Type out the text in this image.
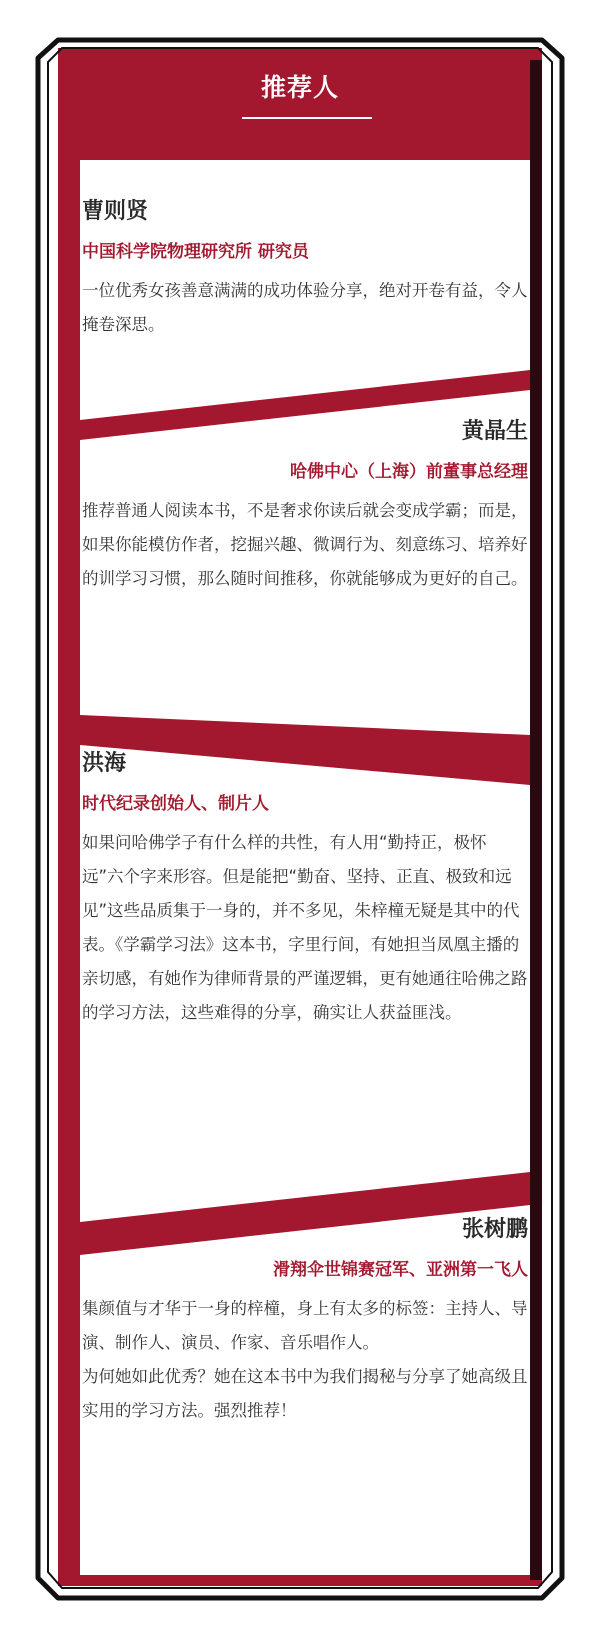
推荐人
曹则贤
中国科学院物理研究所 研究员

一位优秀女孩善意满满的成功体验分享，绝对开卷有益，令人掩卷深思。

黄晶生
哈佛中心（上海）前董事总经理

推荐普通人阅读本书，不是奢求你读后就会变成学霸；而是，如果你能模仿作者，挖掘兴趣、微调行为、刻意练习、培养好的训学习习惯，那么随时间推移，你就能够成为更好的自己。

洪海
时代纪录创始人、制片人

如果问哈佛学子有什么样的共性，有人用“勤持正，极怀远”六个字来形容。但是能把“勤奋、坚持、正直、极致和远见”这些品质集于一身的，并不多见，朱梓橦无疑是其中的代表。《学霸学习法》这本书，字里行间，有她担当凤凰主播的亲切感，有她作为律师背景的严谨逻辑，更有她通往哈佛之路的学习方法，这些难得的分享，确实让人获益匪浅。

张树鹏
滑翔伞世锦赛冠军、亚洲第一飞人

集颜值与才华于一身的梓橦，身上有太多的标签：主持人、导演、制作人、演员、作家、音乐唱作人。

为何她如此优秀？她在这本书中为我们揭秘与分享了她高级且实用的学习方法。强烈推荐！
